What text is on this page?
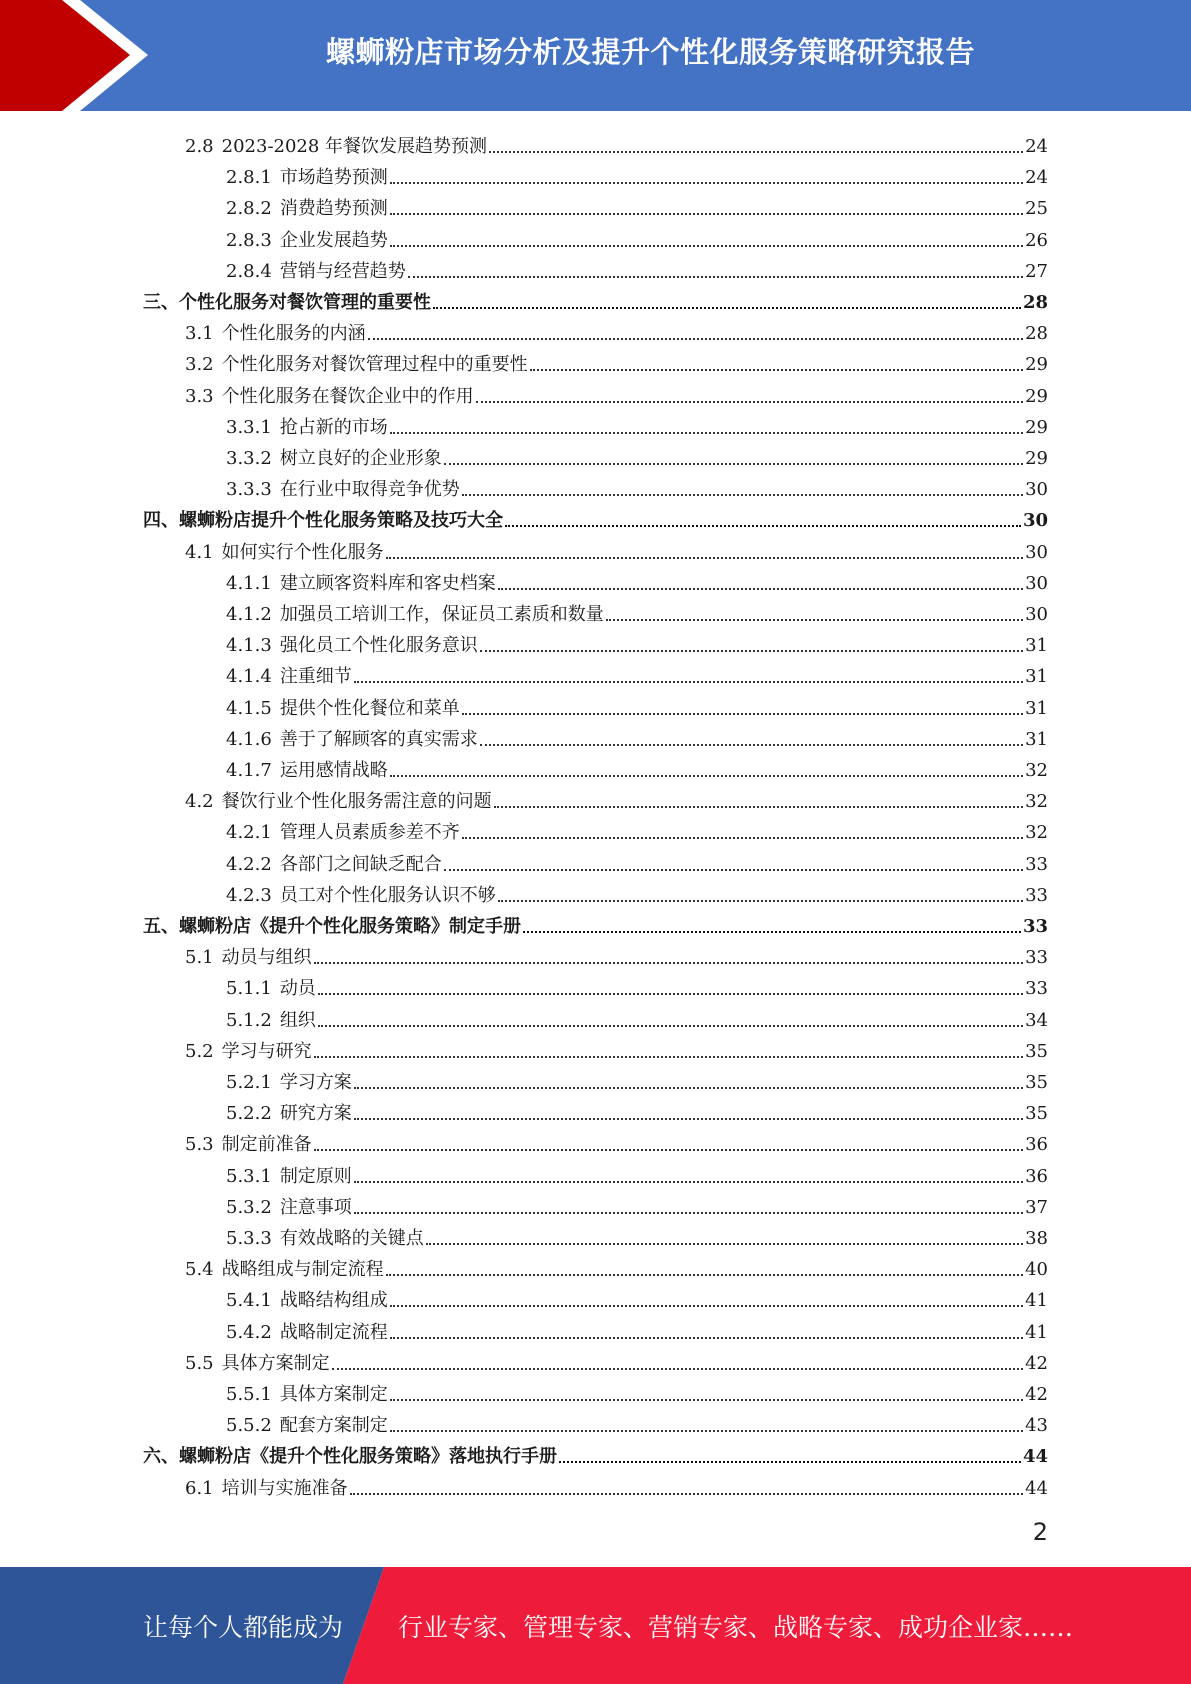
螺蛳粉店市场分析及提升个性化服务策略研究报告
2.8 2023-2028 年餐饮发展趋势预测	24
2.8.1 市场趋势预测	24
2.8.2 消费趋势预测	25
2.8.3 企业发展趋势	26
2.8.4 营销与经营趋势	27
三、 个性化服务对餐饮管理的重要性	28
3.1 个性化服务的内涵	28
3.2 个性化服务对餐饮管理过程中的重要性	29
3.3 个性化服务在餐饮企业中的作用	29
3.3.1 抢占新的市场	29
3.3.2 树立良好的企业形象	29
3.3.3 在行业中取得竞争优势	30
四、 螺蛳粉店提升个性化服务策略及技巧大全	30
4.1 如何实行个性化服务	30
4.1.1 建立顾客资料库和客史档案	30
4.1.2 加强员工培训工作，保证员工素质和数量	30
4.1.3 强化员工个性化服务意识	31
4.1.4 注重细节	31
4.1.5 提供个性化餐位和菜单	31
4.1.6 善于了解顾客的真实需求	31
4.1.7 运用感情战略	32
4.2 餐饮行业个性化服务需注意的问题	32
4.2.1 管理人员素质参差不齐	32
4.2.2 各部门之间缺乏配合	33
4.2.3 员工对个性化服务认识不够	33
五、 螺蛳粉店《提升个性化服务策略》制定手册	33
5.1 动员与组织	33
5.1.1 动员	33
5.1.2 组织	34
5.2 学习与研究	35
5.2.1 学习方案	35
5.2.2 研究方案	35
5.3 制定前准备	36
5.3.1 制定原则	36
5.3.2 注意事项	37
5.3.3 有效战略的关键点	38
5.4 战略组成与制定流程	40
5.4.1 战略结构组成	41
5.4.2 战略制定流程	41
5.5 具体方案制定	42
5.5.1 具体方案制定	42
5.5.2 配套方案制定	43
六、 螺蛳粉店《提升个性化服务策略》落地执行手册	44
6.1 培训与实施准备	44
2
让每个人都能成为 行业专家、管理专家、营销专家、战略专家、成功企业家……
